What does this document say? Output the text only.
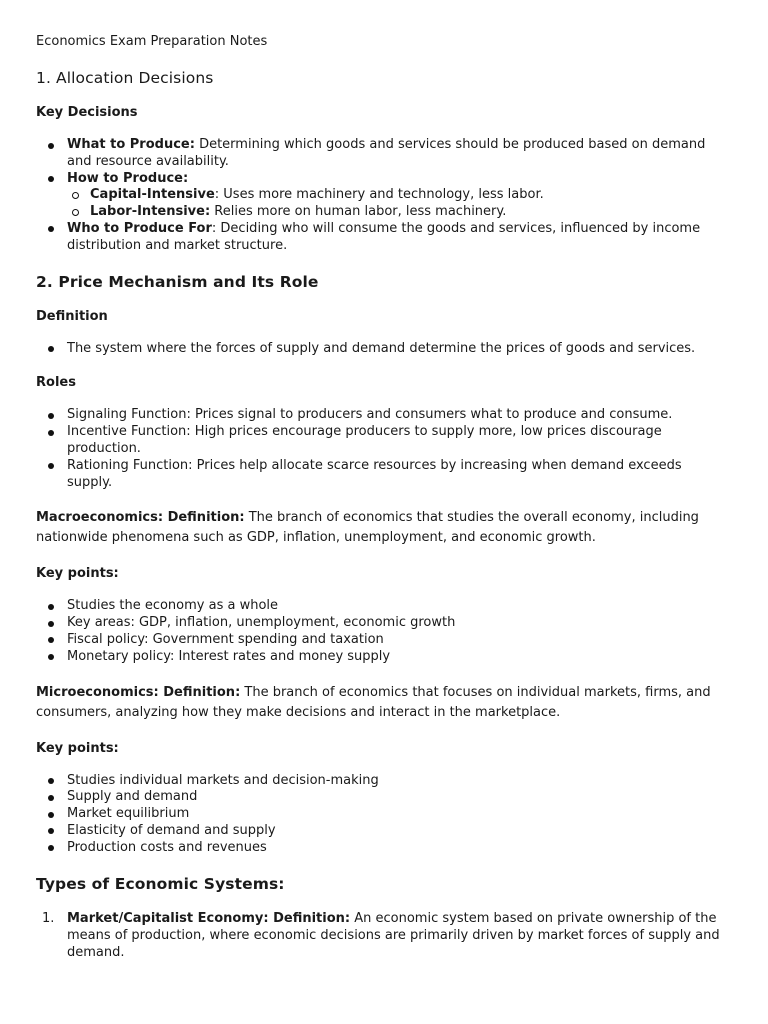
Economics Exam Preparation Notes
1. Allocation Decisions
Key Decisions
What to Produce: Determining which goods and services should be produced based on demand and resource availability.
How to Produce:
Capital-Intensive: Uses more machinery and technology, less labor.
Labor-Intensive: Relies more on human labor, less machinery.
Who to Produce For: Deciding who will consume the goods and services, influenced by income distribution and market structure.
2. Price Mechanism and Its Role
Definition
The system where the forces of supply and demand determine the prices of goods and services.
Roles
Signaling Function: Prices signal to producers and consumers what to produce and consume.
Incentive Function: High prices encourage producers to supply more, low prices discourage production.
Rationing Function: Prices help allocate scarce resources by increasing when demand exceeds supply.

Macroeconomics: Definition: The branch of economics that studies the overall economy, including nationwide phenomena such as GDP, inflation, unemployment, and economic growth.

Key points:
Studies the economy as a whole
Key areas: GDP, inflation, unemployment, economic growth
Fiscal policy: Government spending and taxation
Monetary policy: Interest rates and money supply

Microeconomics: Definition: The branch of economics that focuses on individual markets, firms, and consumers, analyzing how they make decisions and interact in the marketplace.

Key points:
Studies individual markets and decision-making
Supply and demand
Market equilibrium
Elasticity of demand and supply
Production costs and revenues
Types of Economic Systems:
1. Market/Capitalist Economy: Definition: An economic system based on private ownership of the means of production, where economic decisions are primarily driven by market forces of supply and demand.
